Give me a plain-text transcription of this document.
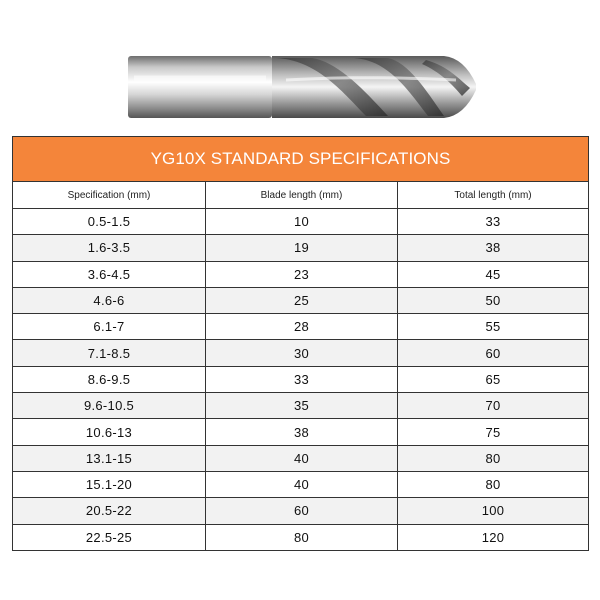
YG10X STANDARD SPECIFICATIONS		
Specification (mm)	Blade length (mm)	Total length (mm)
0.5-1.5	10	33
1.6-3.5	19	38
3.6-4.5	23	45
4.6-6	25	50
6.1-7	28	55
7.1-8.5	30	60
8.6-9.5	33	65
9.6-10.5	35	70
10.6-13	38	75
13.1-15	40	80
15.1-20	40	80
20.5-22	60	100
22.5-25	80	120
